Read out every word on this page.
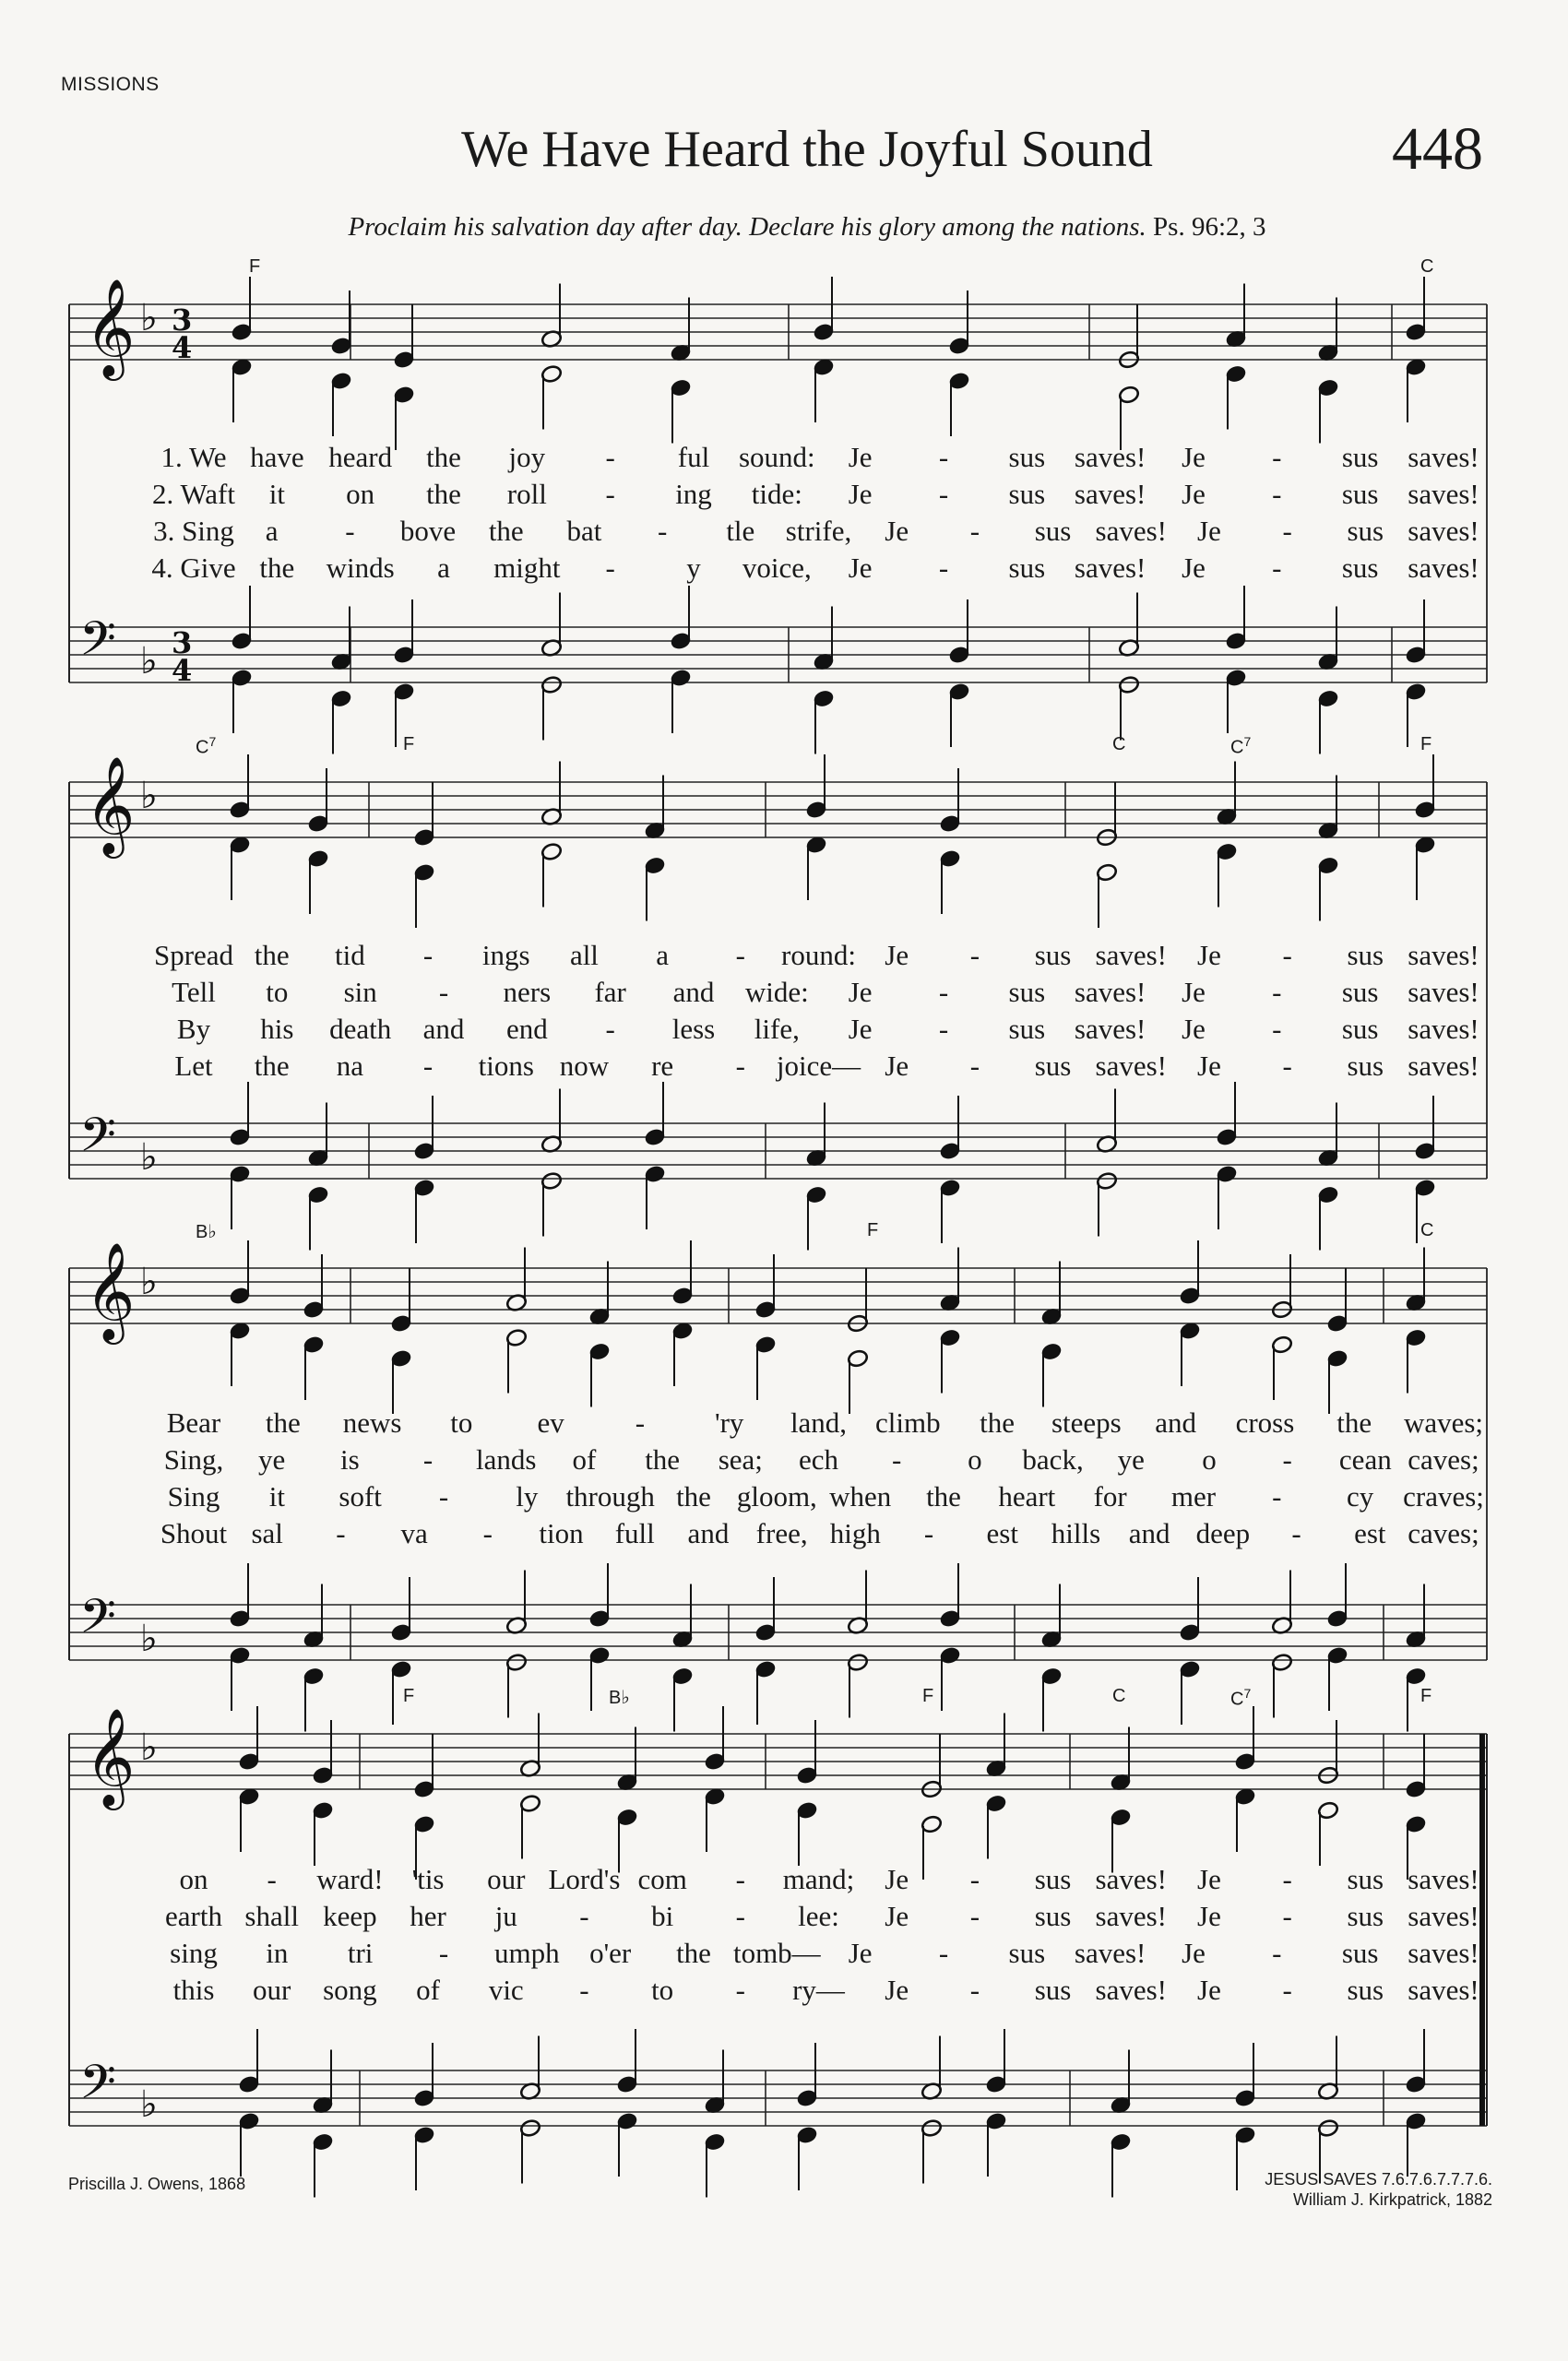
MISSIONS
We Have Heard the Joyful Sound	448
Proclaim his salvation day after day. Declare his glory among the nations. Ps. 96:2, 3
𝄞 ♭ 3
4
𝄢 ♭ 3
4
𝄞 ♭
𝄢 ♭
𝄞 ♭
𝄢 ♭
𝄞 ♭
𝄢 ♭
F	C
$C^7$	F	C	$C^7$	F
B♭	F	C
F	B♭	F	C	$C^7$	F
1. We have heard the joy - ful sound: Je - sus saves! Je - sus saves!
2. Waft it on the roll - ing tide: Je - sus saves! Je - sus saves!
3. Sing a - bove the bat - tle strife, Je - sus saves! Je - sus saves!
4. Give the winds a might - y voice, Je - sus saves! Je - sus saves!
Spread the tid - ings all a - round: Je - sus saves! Je - sus saves!
Tell to sin - ners far and wide: Je - sus saves! Je - sus saves!
By his death and end - less life, Je - sus saves! Je - sus saves!
Let the na - tions now re - joice— Je - sus saves! Je - sus saves!
Bear the news to ev - 'ry land, climb the steeps and cross the waves;
Sing, ye is - lands of the sea; ech - o back, ye o - cean caves;
Sing it soft - ly through the gloom, when the heart for mer - cy craves;
Shout sal - va - tion full and free, high - est hills and deep - est caves;
on - ward! 'tis our Lord's com - mand; Je - sus saves! Je - sus saves!
earth shall keep her ju - bi - lee: Je - sus saves! Je - sus saves!
sing in tri - umph o'er the tomb— Je - sus saves! Je - sus saves!
this our song of vic - to - ry— Je - sus saves! Je - sus saves!
Priscilla J. Owens, 1868	JESUS SAVES 7.6.7.6.7.7.7.6.
William J. Kirkpatrick, 1882
